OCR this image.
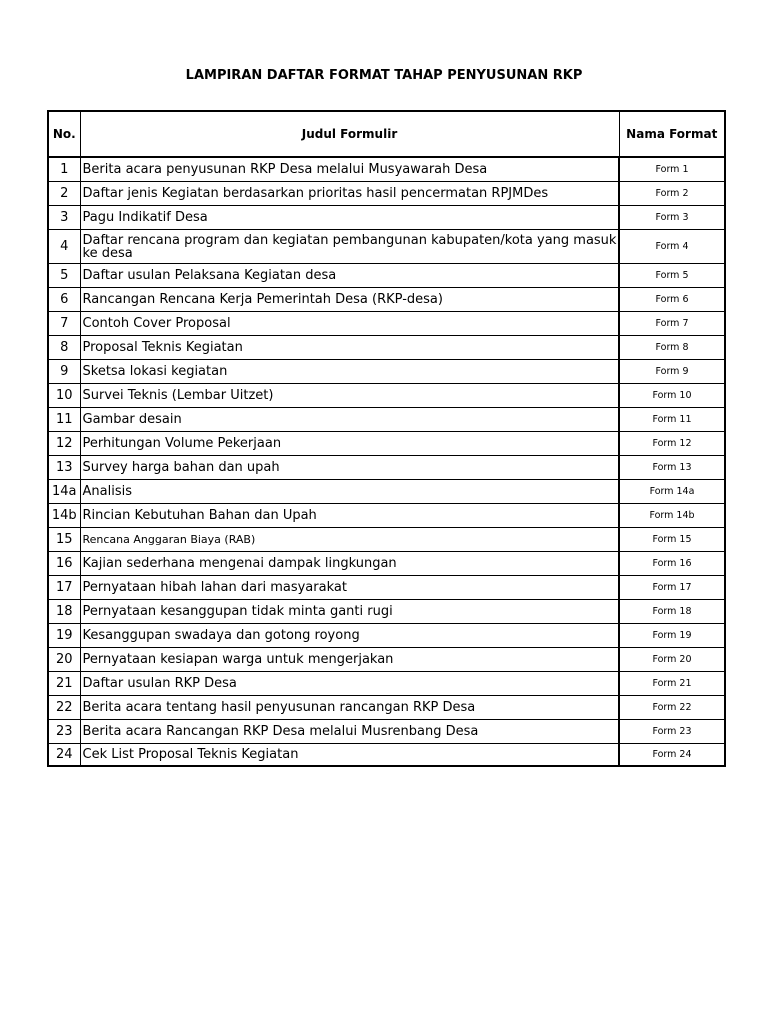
LAMPIRAN DAFTAR FORMAT TAHAP PENYUSUNAN RKP
No.	Judul Formulir	Nama Format
1	Berita acara penyusunan RKP Desa melalui Musyawarah Desa	Form 1
2	Daftar jenis Kegiatan berdasarkan prioritas hasil pencermatan RPJMDes	Form 2
3	Pagu Indikatif Desa	Form 3
4	Daftar rencana program dan kegiatan pembangunan kabupaten/kota yang masuk ke desa	Form 4
5	Daftar usulan Pelaksana Kegiatan desa	Form 5
6	Rancangan Rencana Kerja Pemerintah Desa (RKP-desa)	Form 6
7	Contoh Cover Proposal	Form 7
8	Proposal Teknis Kegiatan	Form 8
9	Sketsa lokasi kegiatan	Form 9
10	Survei Teknis (Lembar Uitzet)	Form 10
11	Gambar desain	Form 11
12	Perhitungan Volume Pekerjaan	Form 12
13	Survey harga bahan dan upah	Form 13
14a	Analisis	Form 14a
14b	Rincian Kebutuhan Bahan dan Upah	Form 14b
15	Rencana Anggaran Biaya (RAB)	Form 15
16	Kajian sederhana mengenai dampak lingkungan	Form 16
17	Pernyataan hibah lahan dari masyarakat	Form 17
18	Pernyataan kesanggupan tidak minta ganti rugi	Form 18
19	Kesanggupan swadaya dan gotong royong	Form 19
20	Pernyataan kesiapan warga untuk mengerjakan	Form 20
21	Daftar usulan RKP Desa	Form 21
22	Berita acara tentang hasil penyusunan rancangan RKP Desa	Form 22
23	Berita acara Rancangan RKP Desa melalui Musrenbang Desa	Form 23
24	Cek List Proposal Teknis Kegiatan	Form 24
